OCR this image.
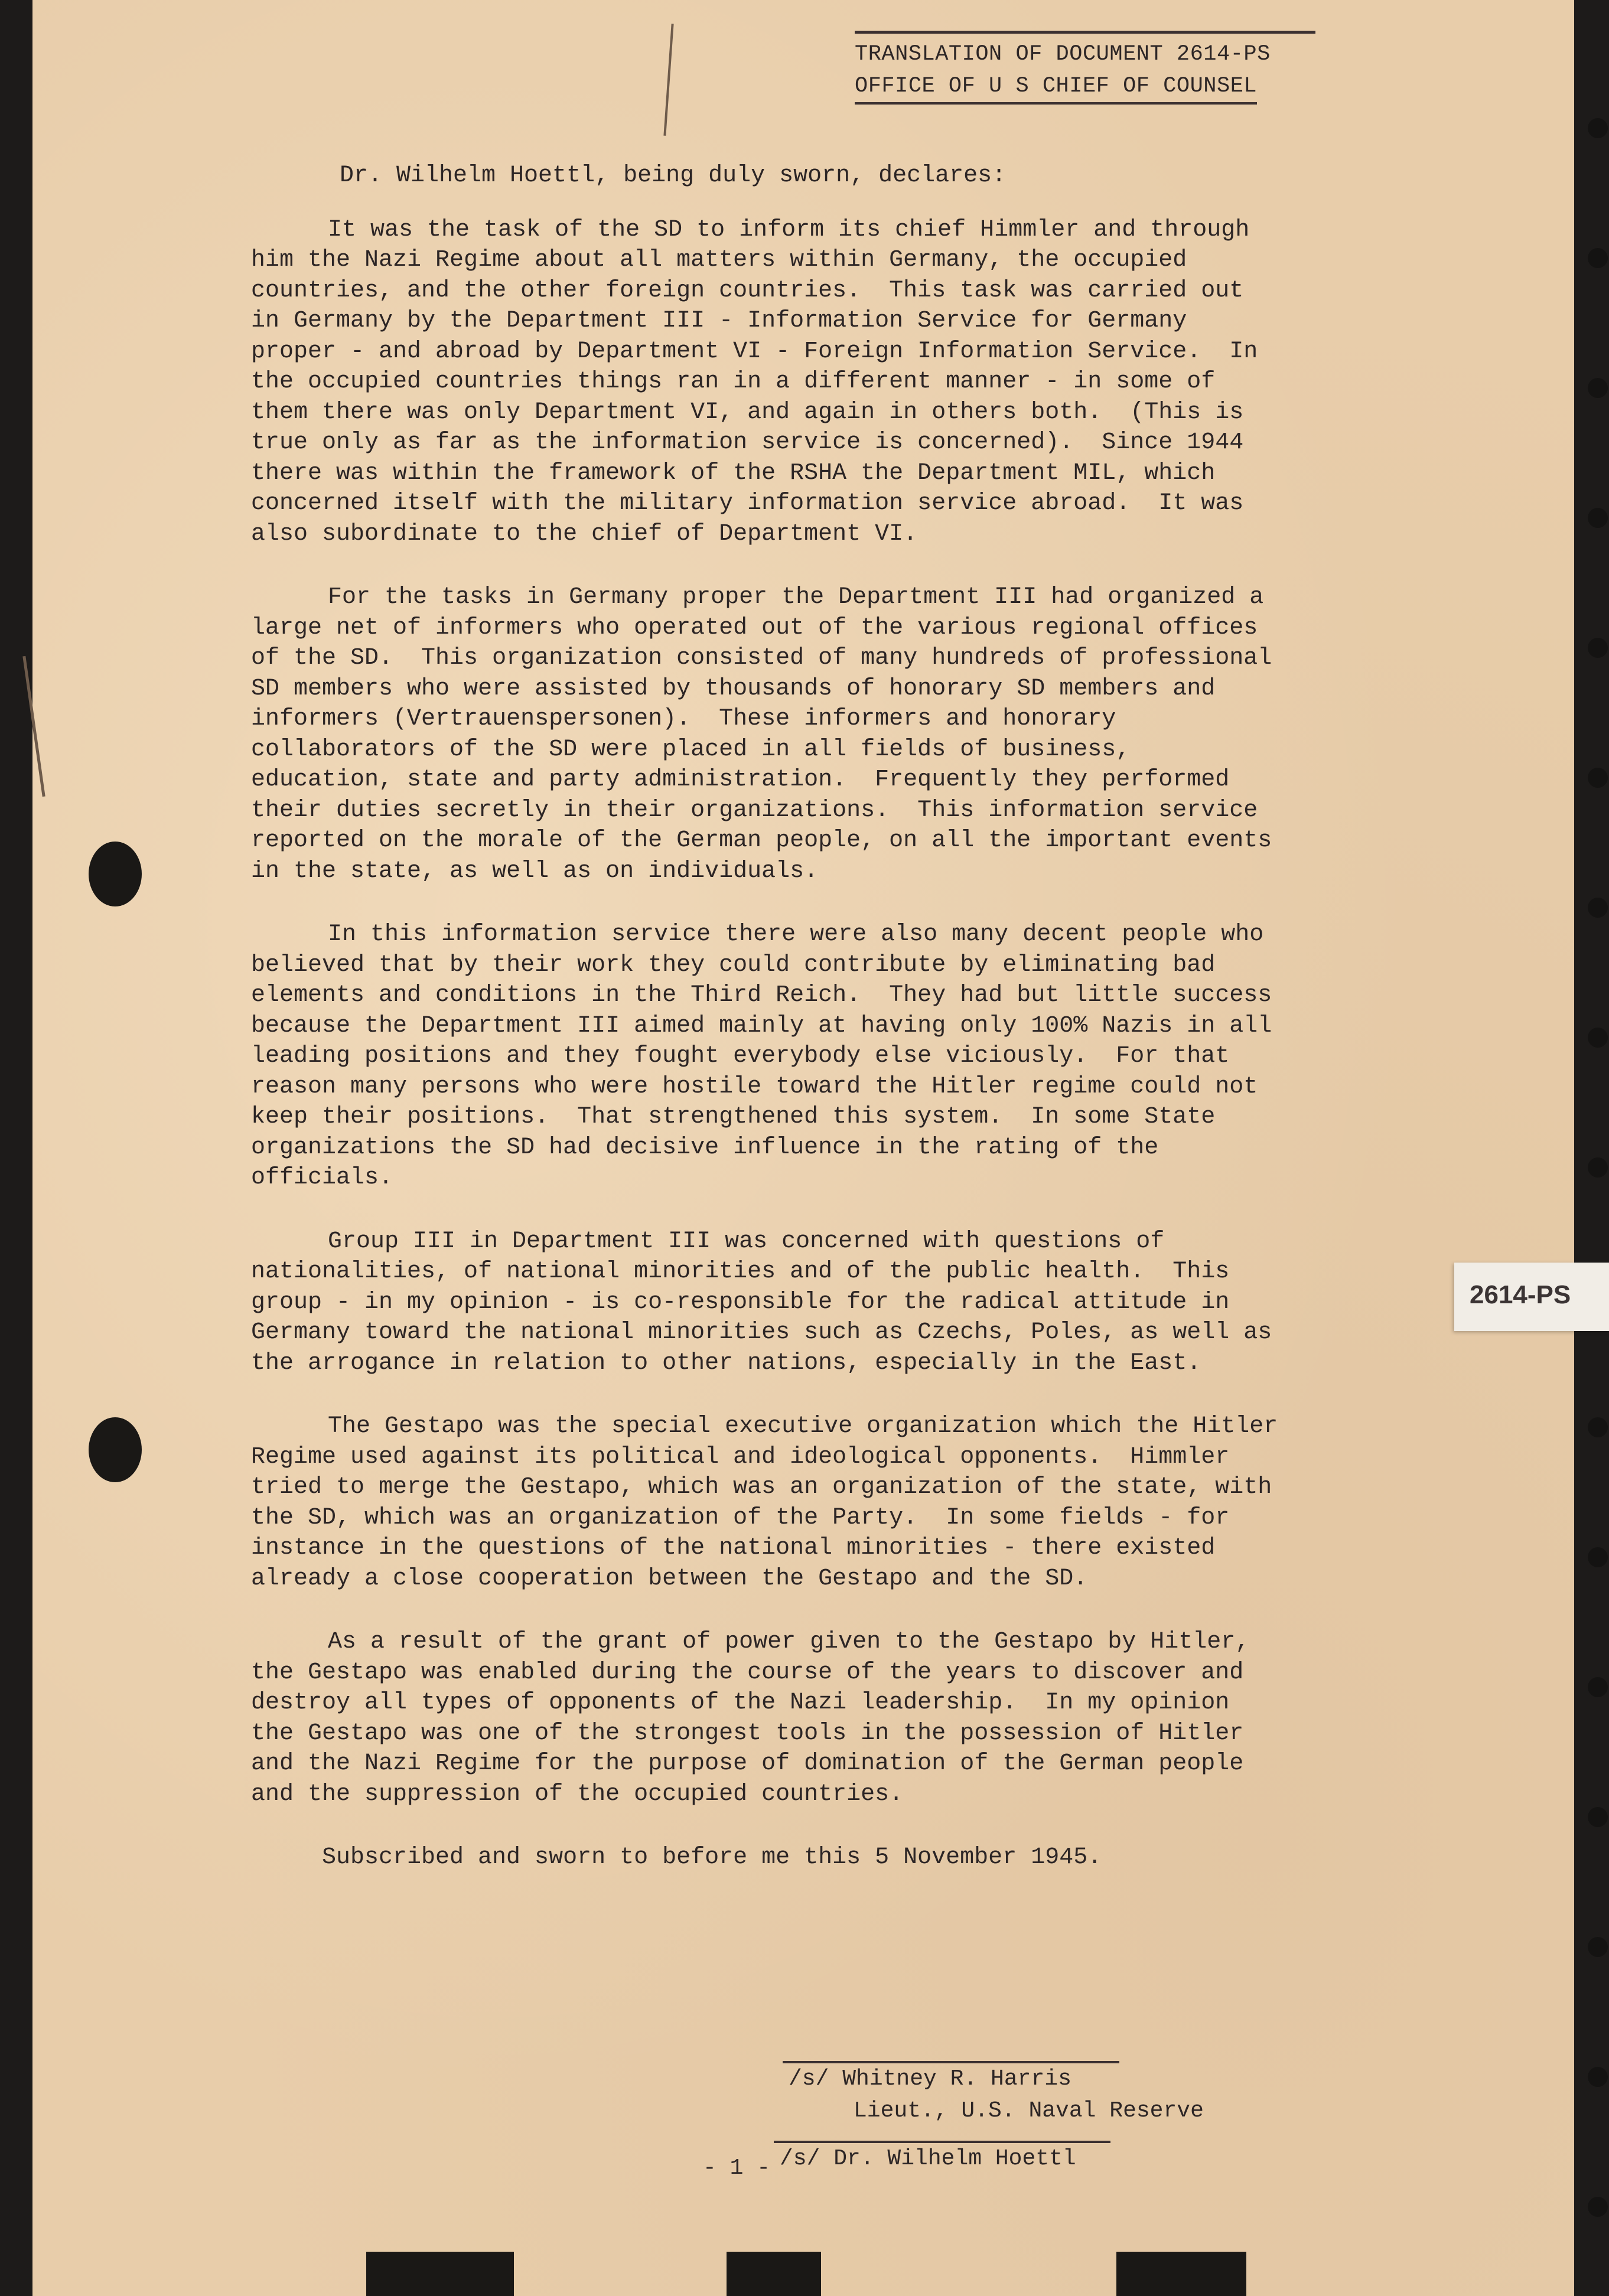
TRANSLATION OF DOCUMENT 2614-PS
OFFICE OF U S CHIEF OF COUNSEL
Dr. Wilhelm Hoettl, being duly sworn, declares:

It was the task of the SD to inform its chief Himmler and through him the Nazi Regime about all matters within Germany, the occupied countries, and the other foreign countries.  This task was carried out in Germany by the Department III - Information Service for Germany proper - and abroad by Department VI - Foreign Information Service.  In the occupied countries things ran in a different manner - in some of them there was only Department VI, and again in others both.  (This is true only as far as the information service is concerned).  Since 1944 there was within the framework of the RSHA the Department MIL, which concerned itself with the military information service abroad.  It was also subordinate to the chief of Department VI.

For the tasks in Germany proper the Department III had organized a large net of informers who operated out of the various regional offices of the SD.  This organization consisted of many hundreds of professional SD members who were assisted by thousands of honorary SD members and informers (Vertrauenspersonen).  These informers and honorary collaborators of the SD were placed in all fields of business, education, state and party administration.  Frequently they performed their duties secretly in their organizations.  This information service reported on the morale of the German people, on all the important events in the state, as well as on individuals.

In this information service there were also many decent people who believed that by their work they could contribute by eliminating bad elements and conditions in the Third Reich.  They had but little success because the Department III aimed mainly at having only 100% Nazis in all leading positions and they fought everybody else viciously.  For that reason many persons who were hostile toward the Hitler regime could not keep their positions.  That strengthened this system.  In some State organizations the SD had decisive influence in the rating of the officials.

Group III in Department III was concerned with questions of nationalities, of national minorities and of the public health.  This group - in my opinion - is co-responsible for the radical attitude in Germany toward the national minorities such as Czechs, Poles, as well as the arrogance in relation to other nations, especially in the East.

The Gestapo was the special executive organization which the Hitler Regime used against its political and ideological opponents.  Himmler tried to merge the Gestapo, which was an organization of the state, with the SD, which was an organization of the Party.  In some fields - for instance in the questions of the national minorities - there existed already a close cooperation between the Gestapo and the SD.

As a result of the grant of power given to the Gestapo by Hitler, the Gestapo was enabled during the course of the years to discover and destroy all types of opponents of the Nazi leadership.  In my opinion the Gestapo was one of the strongest tools in the possession of Hitler and the Nazi Regime for the purpose of domination of the German people and the suppression of the occupied countries.

Subscribed and sworn to before me this 5 November 1945.
/s/ Whitney R. Harris
Lieut., U.S. Naval Reserve
- 1 - /s/ Dr. Wilhelm Hoettl
2614-PS
